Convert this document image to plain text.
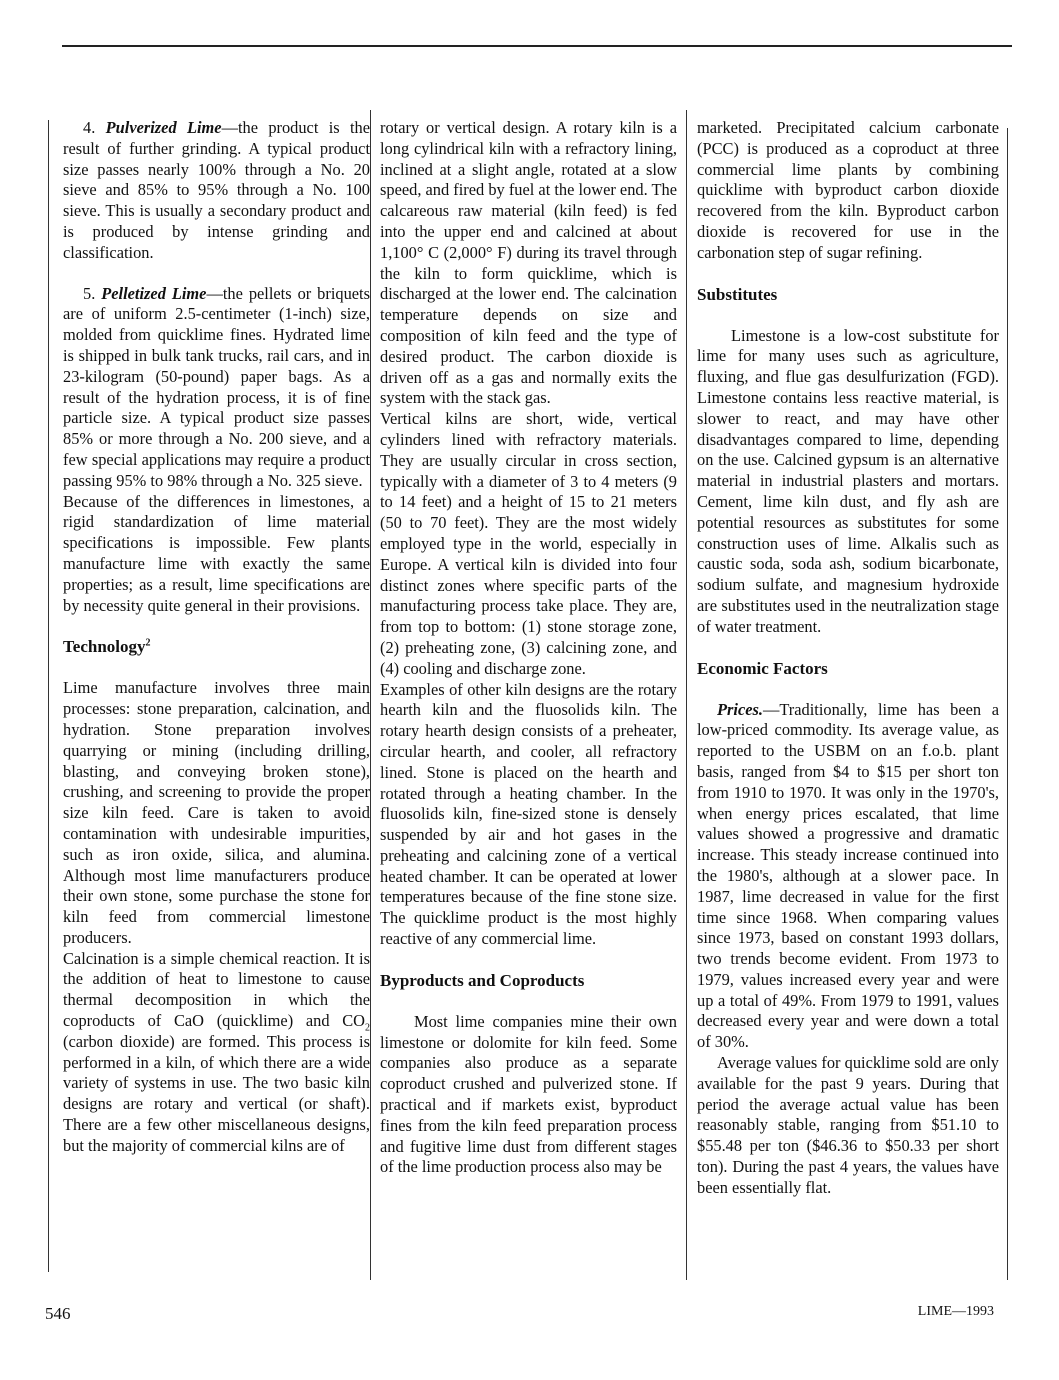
4. Pulverized Lime—the product is the result of further grinding. A typical product size passes nearly 100% through a No. 20 sieve and 85% to 95% through a No. 100 sieve. This is usually a secondary product and is produced by intense grinding and classification.

5. Pelletized Lime—the pellets or briquets are of uniform 2.5-centimeter (1-inch) size, molded from quicklime fines. Hydrated lime is shipped in bulk tank trucks, rail cars, and in 23-kilogram (50-pound) paper bags. As a result of the hydration process, it is of fine particle size. A typical product size passes 85% or more through a No. 200 sieve, and a few special applications may require a product passing 95% to 98% through a No. 325 sieve.

Because of the differences in limestones, a rigid standardization of lime material specifications is impossible. Few plants manufacture lime with exactly the same properties; as a result, lime specifications are by necessity quite general in their provisions.

Technology$^2$

Lime manufacture involves three main processes: stone preparation, calcination, and hydration. Stone preparation involves quarrying or mining (including drilling, blasting, and conveying broken stone), crushing, and screening to provide the proper size kiln feed. Care is taken to avoid contamination with undesirable impurities, such as iron oxide, silica, and alumina. Although most lime manufacturers produce their own stone, some purchase the stone for kiln feed from commercial limestone producers.

Calcination is a simple chemical reaction. It is the addition of heat to limestone to cause thermal decomposition in which the coproducts of CaO (quicklime) and $CO_2$ (carbon dioxide) are formed. This process is performed in a kiln, of which there are a wide variety of systems in use. The two basic kiln designs are rotary and vertical (or shaft). There are a few other miscellaneous designs, but the majority of commercial kilns are of

rotary or vertical design. A rotary kiln is a long cylindrical kiln with a refractory lining, inclined at a slight angle, rotated at a slow speed, and fired by fuel at the lower end. The calcareous raw material (kiln feed) is fed into the upper end and calcined at about 1,100° C (2,000° F) during its travel through the kiln to form quicklime, which is discharged at the lower end. The calcination temperature depends on size and composition of kiln feed and the type of desired product. The carbon dioxide is driven off as a gas and normally exits the system with the stack gas.

Vertical kilns are short, wide, vertical cylinders lined with refractory materials. They are usually circular in cross section, typically with a diameter of 3 to 4 meters (9 to 14 feet) and a height of 15 to 21 meters (50 to 70 feet). They are the most widely employed type in the world, especially in Europe. A vertical kiln is divided into four distinct zones where specific parts of the manufacturing process take place. They are, from top to bottom: (1) stone storage zone, (2) preheating zone, (3) calcining zone, and (4) cooling and discharge zone.

Examples of other kiln designs are the rotary hearth kiln and the fluosolids kiln. The rotary hearth design consists of a preheater, circular hearth, and cooler, all refractory lined. Stone is placed on the hearth and rotated through a heating chamber. In the fluosolids kiln, fine-sized stone is densely suspended by air and hot gases in the preheating and calcining zone of a vertical heated chamber. It can be operated at lower temperatures because of the fine stone size. The quicklime product is the most highly reactive of any commercial lime.

Byproducts and Coproducts

Most lime companies mine their own limestone or dolomite for kiln feed. Some companies also produce as a separate coproduct crushed and pulverized stone. If practical and if markets exist, byproduct fines from the kiln feed preparation process and fugitive lime dust from different stages of the lime production process also may be

marketed. Precipitated calcium carbonate (PCC) is produced as a coproduct at three commercial lime plants by combining quicklime with byproduct carbon dioxide recovered from the kiln. Byproduct carbon dioxide is recovered for use in the carbonation step of sugar refining.

Substitutes

Limestone is a low-cost substitute for lime for many uses such as agriculture, fluxing, and flue gas desulfurization (FGD). Limestone contains less reactive material, is slower to react, and may have other disadvantages compared to lime, depending on the use. Calcined gypsum is an alternative material in industrial plasters and mortars. Cement, lime kiln dust, and fly ash are potential resources as substitutes for some construction uses of lime. Alkalis such as caustic soda, soda ash, sodium bicarbonate, sodium sulfate, and magnesium hydroxide are substitutes used in the neutralization stage of water treatment.

Economic Factors

Prices.—Traditionally, lime has been a low-priced commodity. Its average value, as reported to the USBM on an f.o.b. plant basis, ranged from $4 to $15 per short ton from 1910 to 1970. It was only in the 1970's, when energy prices escalated, that lime values showed a progressive and dramatic increase. This steady increase continued into the 1980's, although at a slower pace. In 1987, lime decreased in value for the first time since 1968. When comparing values since 1973, based on constant 1993 dollars, two trends become evident. From 1973 to 1979, values increased every year and were up a total of 49%. From 1979 to 1991, values decreased every year and were down a total of 30%.

Average values for quicklime sold are only available for the past 9 years. During that period the average actual value has been reasonably stable, ranging from $51.10 to $55.48 per ton ($46.36 to $50.33 per short ton). During the past 4 years, the values have been essentially flat.

546	LIME—1993
